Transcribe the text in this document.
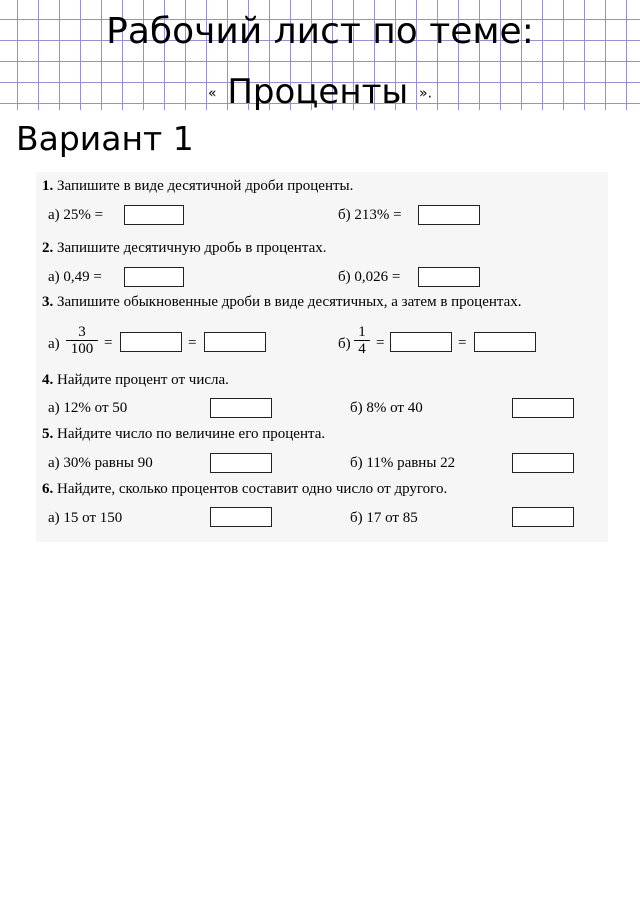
Рабочий лист по теме:
« Проценты ».
Вариант 1
1. Запишите в виде десятичной дроби проценты.
а) 25% =	б) 213% =
2. Запишите десятичную дробь в процентах.
а) 0,49 =	б) 0,026 =
3. Запишите обыкновенные дроби в виде десятичных, а затем в процентах.
$а) \frac{3}{100}$ =	=	$б) \frac{1}{4}$ =	=
4. Найдите процент от числа.
а) 12% от 50	б) 8% от 40
5. Найдите число по величине его процента.
а) 30% равны 90	б) 11% равны 22
6. Найдите, сколько процентов составит одно число от другого.
а) 15 от 150	б) 17 от 85
